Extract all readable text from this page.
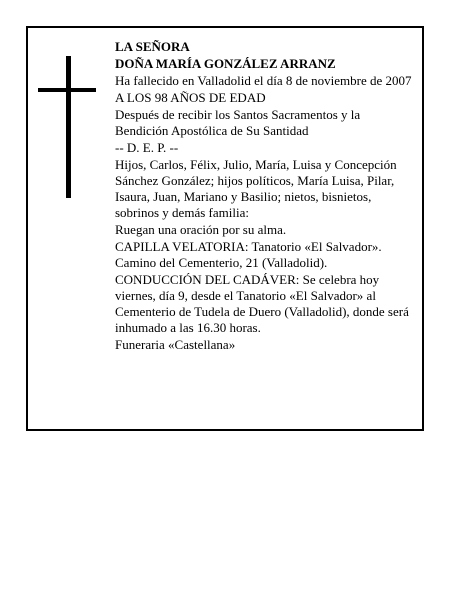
LA SEÑORA

DOÑA MARÍA GONZÁLEZ ARRANZ

Ha fallecido en Valladolid el día 8 de noviembre de 2007

A LOS 98 AÑOS DE EDAD

Después de recibir los Santos Sacramentos y la Bendición Apostólica de Su Santidad

-- D. E. P. --

Hijos, Carlos, Félix, Julio, María, Luisa y Concepción Sánchez González; hijos políticos, María Luisa, Pilar, Isaura, Juan, Mariano y Basilio; nietos, bisnietos, sobrinos y demás familia:

Ruegan una oración por su alma.

CAPILLA VELATORIA: Tanatorio «El Salvador». Camino del Cementerio, 21 (Valladolid).

CONDUCCIÓN DEL CADÁVER: Se celebra hoy viernes, día 9, desde el Tanatorio «El Salvador» al Cementerio de Tudela de Duero (Valladolid), donde será inhumado a las 16.30 horas.

Funeraria «Castellana»
